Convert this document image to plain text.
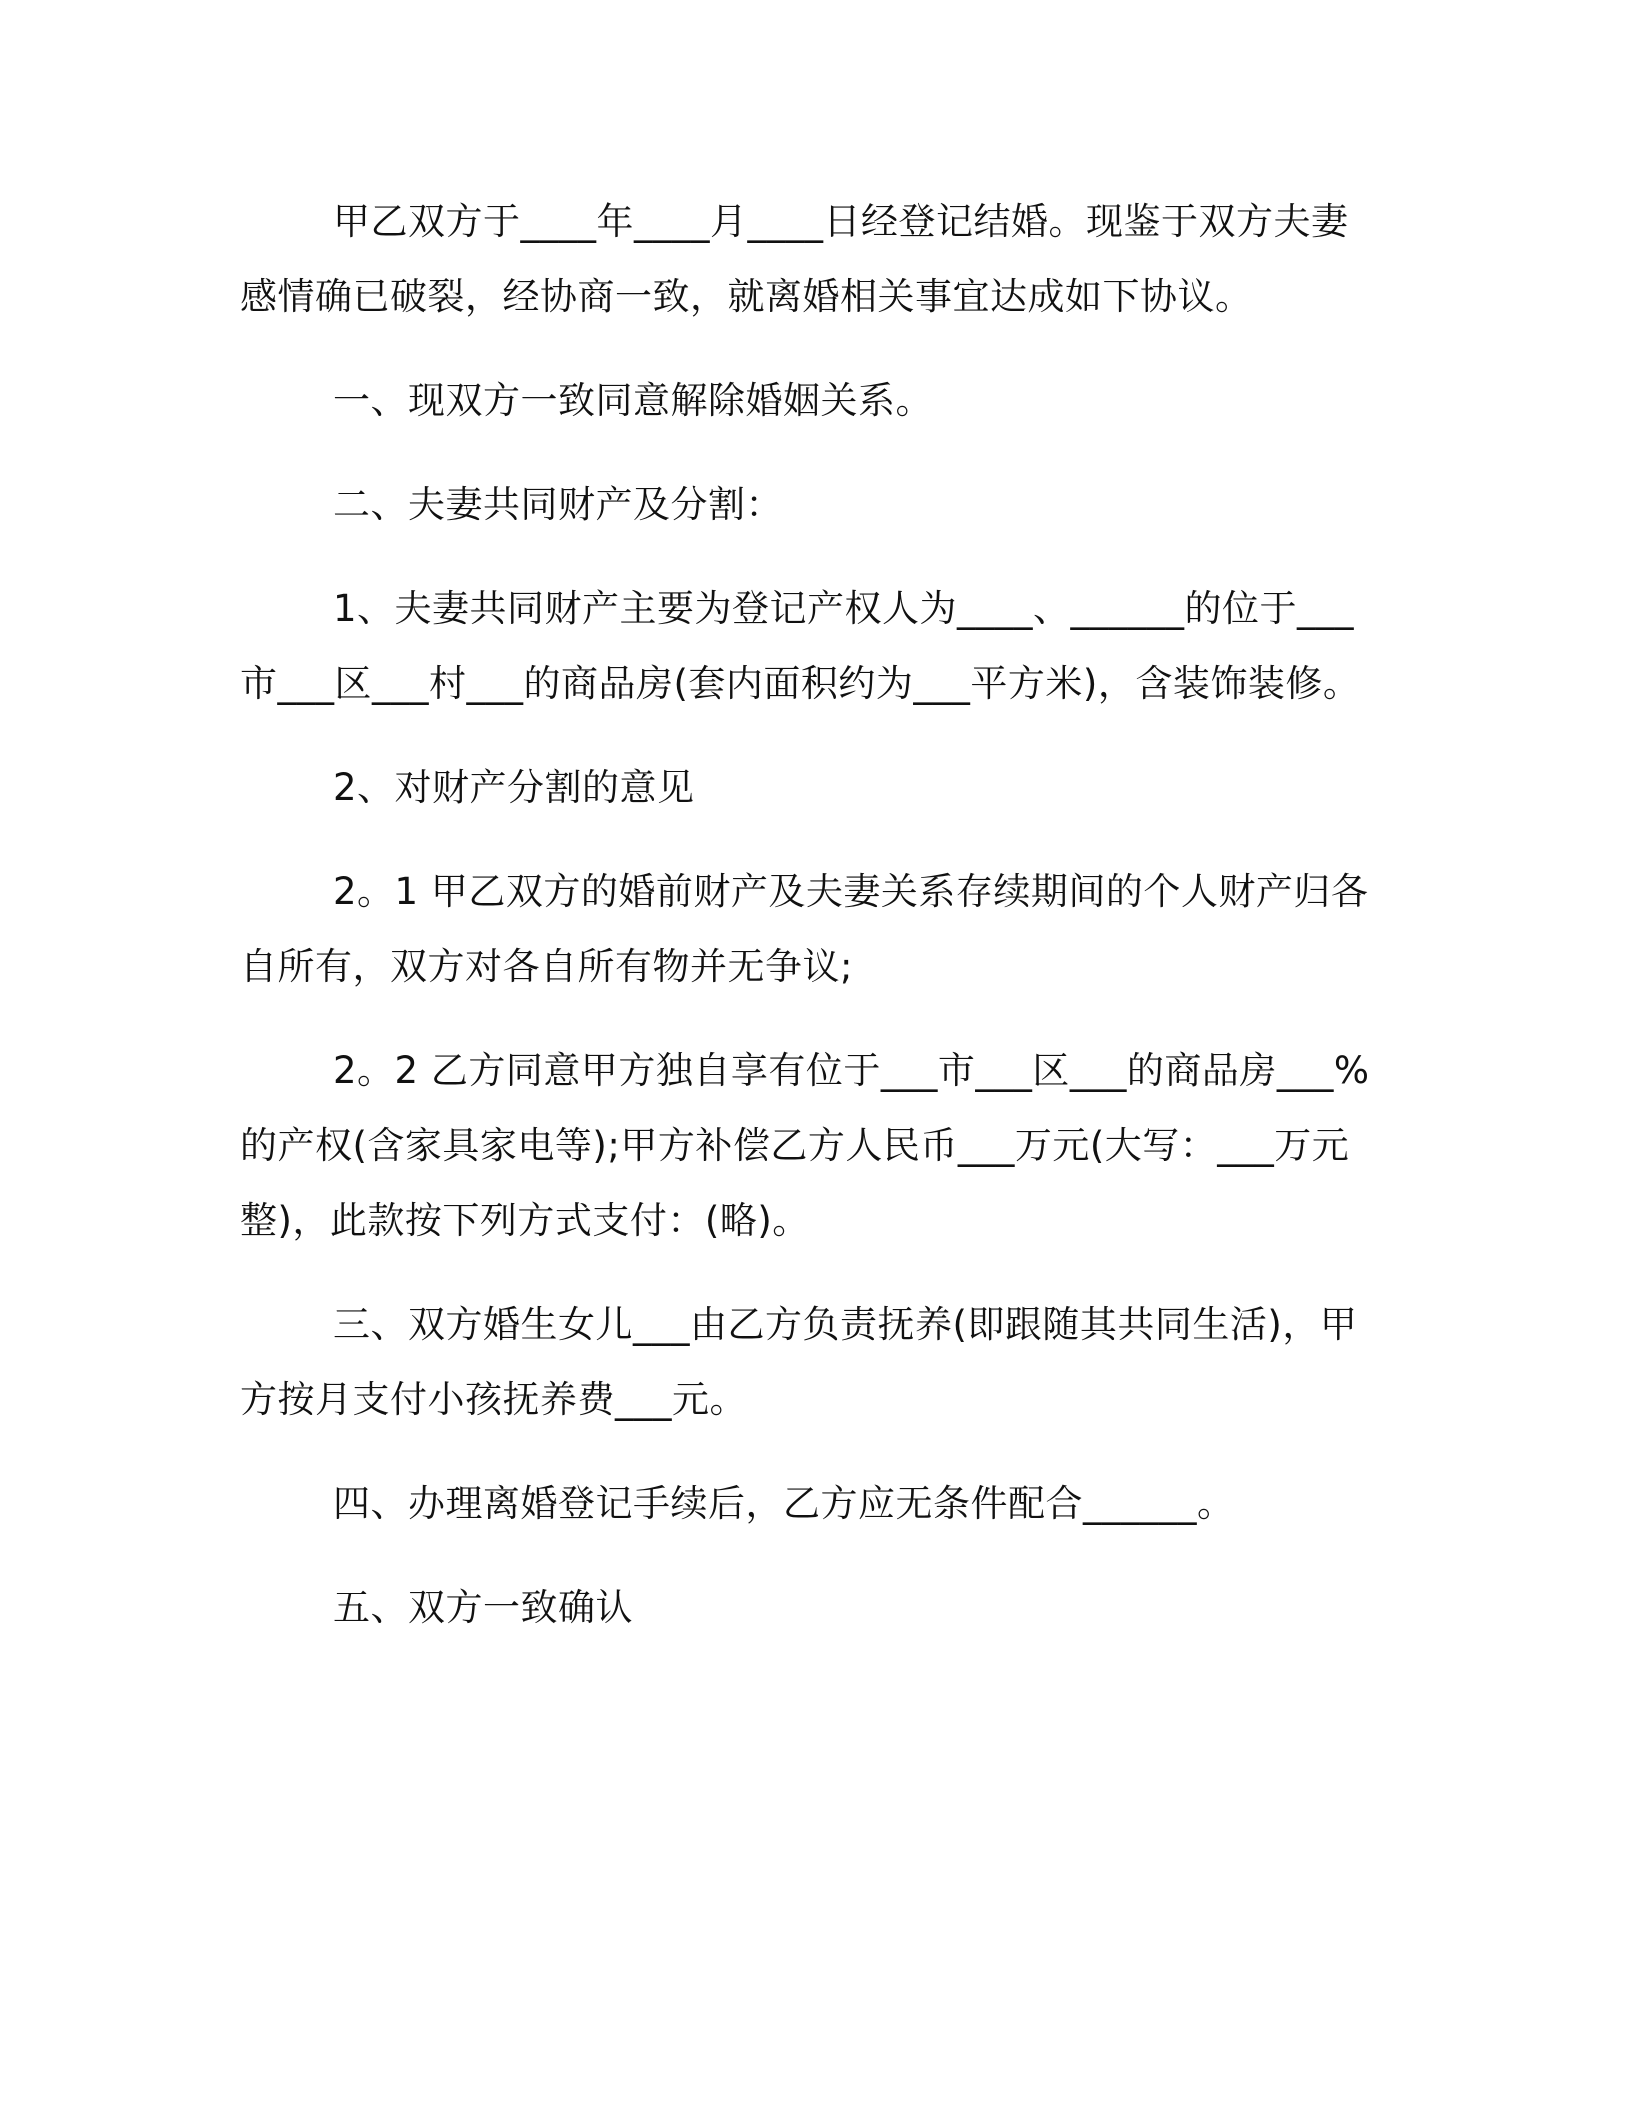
甲乙双方于____年____月____日经登记结婚。现鉴于双方夫妻
感情确已破裂，经协商一致，就离婚相关事宜达成如下协议。

一、现双方一致同意解除婚姻关系。

二、夫妻共同财产及分割：

1、夫妻共同财产主要为登记产权人为____、______的位于___
市___区___村___的商品房(套内面积约为___平方米)，含装饰装修。

2、对财产分割的意见

2。1 甲乙双方的婚前财产及夫妻关系存续期间的个人财产归各
自所有，双方对各自所有物并无争议;

2。2 乙方同意甲方独自享有位于___市___区___的商品房___%
的产权(含家具家电等);甲方补偿乙方人民币___万元(大写：___万元
整)，此款按下列方式支付：(略)。

三、双方婚生女儿___由乙方负责抚养(即跟随其共同生活)，甲
方按月支付小孩抚养费___元。

四、办理离婚登记手续后，乙方应无条件配合______。

五、双方一致确认
